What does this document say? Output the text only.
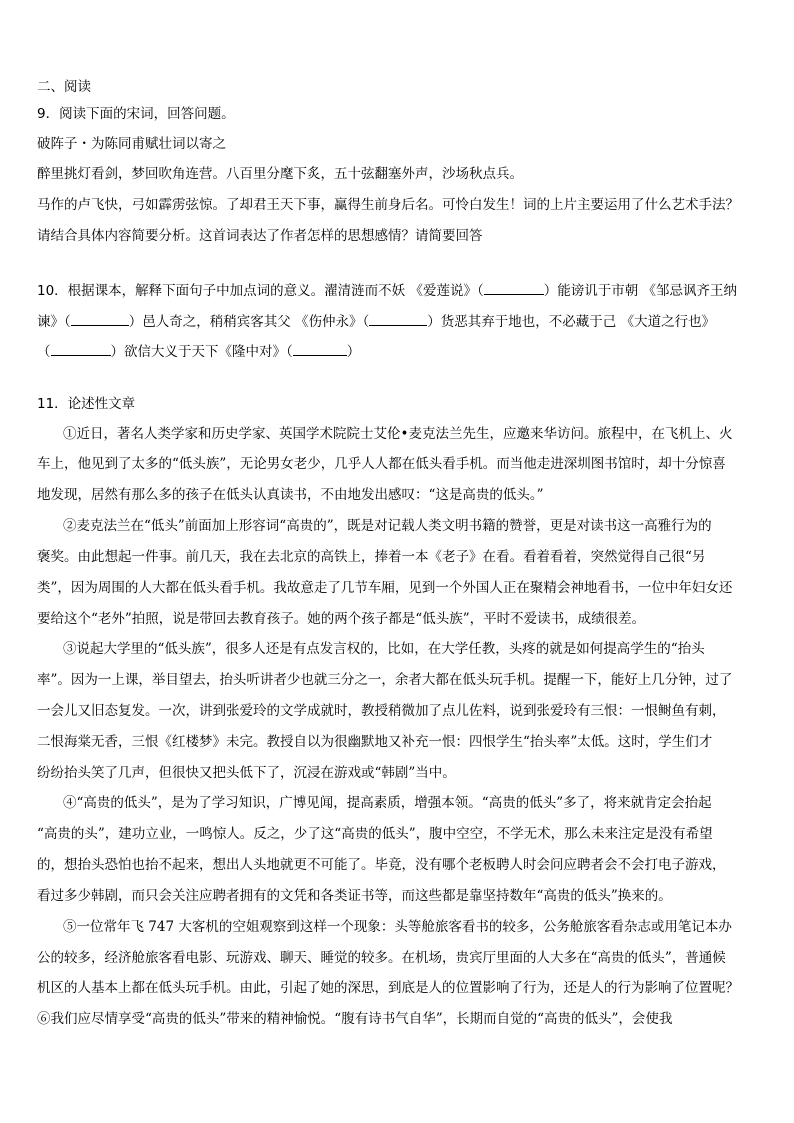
二、阅读
9．阅读下面的宋词，回答问题。
破阵子・为陈同甫赋壮词以寄之
醉里挑灯看剑，梦回吹角连营。八百里分麾下炙，五十弦翻塞外声，沙场秋点兵。
马作的卢飞快，弓如霹雳弦惊。了却君王天下事，赢得生前身后名。可怜白发生！词的上片主要运用了什么艺术手法？
请结合具体内容简要分析。这首词表达了作者怎样的思想感情？请简要回答
10．根据课本，解释下面句子中加点词的意义。濯清涟而不妖 《爱莲说》（	）能谤讥于市朝 《邹忌讽齐王纳
谏》（	）邑人奇之，稍稍宾客其父 《伤仲永》（	）货恶其弃于地也，不必藏于己 《大道之行也》
（	）欲信大义于天下《隆中对》（	）
11．论述性文章
①近日，著名人类学家和历史学家、英国学术院院士艾伦•麦克法兰先生，应邀来华访问。旅程中，在飞机上、火
车上，他见到了太多的“低头族”，无论男女老少，几乎人人都在低头看手机。而当他走进深圳图书馆时，却十分惊喜
地发现，居然有那么多的孩子在低头认真读书，不由地发出感叹：“这是高贵的低头。”
②麦克法兰在“低头”前面加上形容词“高贵的”，既是对记载人类文明书籍的赞誉，更是对读书这一高雅行为的
褒奖。由此想起一件事。前几天，我在去北京的高铁上，捧着一本《老子》在看。看着看着，突然觉得自己很“另
类”，因为周围的人大都在低头看手机。我故意走了几节车厢，见到一个外国人正在聚精会神地看书，一位中年妇女还
要给这个“老外”拍照，说是带回去教育孩子。她的两个孩子都是“低头族”，平时不爱读书，成绩很差。
③说起大学里的“低头族”，很多人还是有点发言权的，比如，在大学任教，头疼的就是如何提高学生的“抬头
率”。因为一上课，举目望去，抬头听讲者少也就三分之一，余者大都在低头玩手机。提醒一下，能好上几分钟，过了
一会儿又旧态复发。一次，讲到张爱玲的文学成就时，教授稍微加了点儿佐料，说到张爱玲有三恨：一恨鲥鱼有刺，
二恨海棠无香，三恨《红楼梦》未完。教授自以为很幽默地又补充一恨：四恨学生“抬头率”太低。这时，学生们才
纷纷抬头笑了几声，但很快又把头低下了，沉浸在游戏或“韩剧”当中。
④“高贵的低头”，是为了学习知识，广博见闻，提高素质，增强本领。“高贵的低头”多了，将来就肯定会抬起
“高贵的头”，建功立业，一鸣惊人。反之，少了这“高贵的低头”，腹中空空，不学无术，那么未来注定是没有希望
的，想抬头恐怕也抬不起来，想出人头地就更不可能了。毕竟，没有哪个老板聘人时会问应聘者会不会打电子游戏，
看过多少韩剧，而只会关注应聘者拥有的文凭和各类证书等，而这些都是靠坚持数年“高贵的低头”换来的。
⑤一位常年飞 747 大客机的空姐观察到这样一个现象：头等舱旅客看书的较多，公务舱旅客看杂志或用笔记本办
公的较多，经济舱旅客看电影、玩游戏、聊天、睡觉的较多。在机场，贵宾厅里面的人大多在“高贵的低头”，普通候
机区的人基本上都在低头玩手机。由此，引起了她的深思，到底是人的位置影响了行为，还是人的行为影响了位置呢？
⑥我们应尽情享受“高贵的低头”带来的精神愉悦。“腹有诗书气自华”，长期而自觉的“高贵的低头”，会使我
